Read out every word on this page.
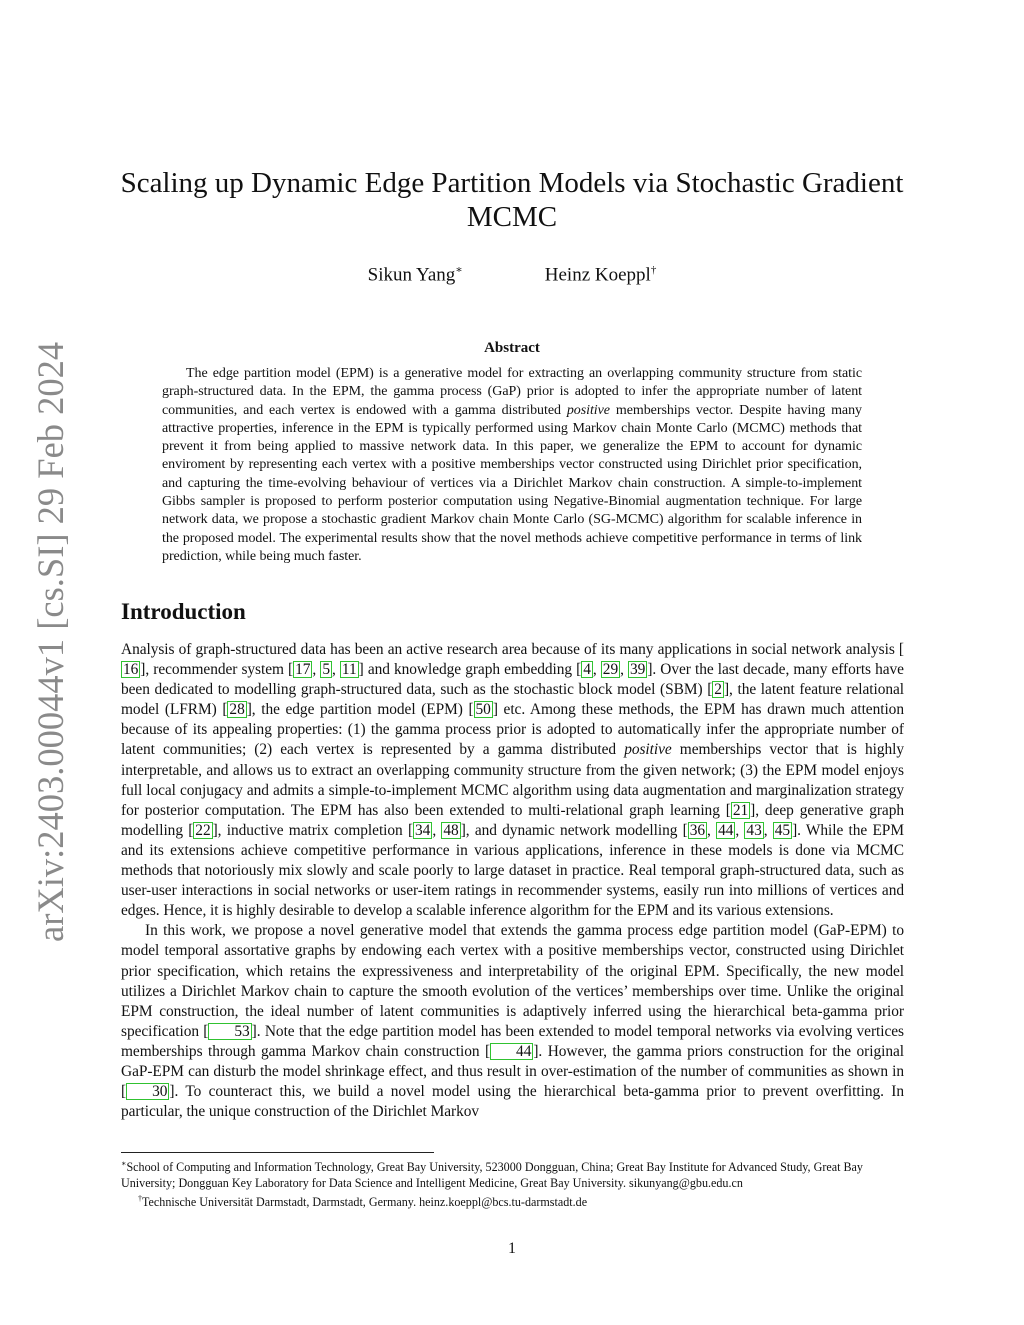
arXiv:2403.00044v1 [cs.SI] 29 Feb 2024
Scaling up Dynamic Edge Partition Models via Stochastic Gradient MCMC
Sikun Yang∗	Heinz Koeppl†
Abstract

The edge partition model (EPM) is a generative model for extracting an overlapping community structure from static graph-structured data. In the EPM, the gamma process (GaP) prior is adopted to infer the appropriate number of latent communities, and each vertex is endowed with a gamma distributed positive memberships vector. Despite having many attractive properties, inference in the EPM is typically performed using Markov chain Monte Carlo (MCMC) methods that prevent it from being applied to massive network data. In this paper, we generalize the EPM to account for dynamic enviroment by representing each vertex with a positive memberships vector constructed using Dirichlet prior specification, and capturing the time-evolving behaviour of vertices via a Dirichlet Markov chain construction. A simple-to-implement Gibbs sampler is proposed to perform posterior computation using Negative-Binomial augmentation technique. For large network data, we propose a stochastic gradient Markov chain Monte Carlo (SG-MCMC) algorithm for scalable inference in the proposed model. The experimental results show that the novel methods achieve competitive performance in terms of link prediction, while being much faster.

Introduction

Analysis of graph-structured data has been an active research area because of its many applications in social network analysis [16 ], recommender system [ 17 , 5 , 11 ] and knowledge graph embedding [ 4 , 29 , 39 ]. Over the last decade, many efforts have been dedicated to modelling graph-structured data, such as the stochastic block model (SBM) [ 2 ], the latent feature relational model (LFRM) [ 28 ], the edge partition model (EPM) [ 50 ] etc. Among these methods, the EPM has drawn much attention because of its appealing properties: (1) the gamma process prior is adopted to automatically infer the appropriate number of latent communities; (2) each vertex is represented by a gamma distributed positive memberships vector that is highly interpretable, and allows us to extract an overlapping community structure from the given network; (3) the EPM model enjoys full local conjugacy and admits a simple-to-implement MCMC algorithm using data augmentation and marginalization strategy for posterior computation. The EPM has also been extended to multi-relational graph learning [ 21 ], deep generative graph modelling [ 22 ], inductive matrix completion [ 34 , 48 ], and dynamic network modelling [ 36 , 44 , 43 , 45 ]. While the EPM and its extensions achieve competitive performance in various applications, inference in these models is done via MCMC methods that notoriously mix slowly and scale poorly to large dataset in practice. Real temporal graph-structured data, such as user-user interactions in social networks or user-item ratings in recommender systems, easily run into millions of vertices and edges. Hence, it is highly desirable to develop a scalable inference algorithm for the EPM and its various extensions.

In this work, we propose a novel generative model that extends the gamma process edge partition model (GaP-EPM) to model temporal assortative graphs by endowing each vertex with a positive memberships vector, constructed using Dirichlet prior specification, which retains the expressiveness and interpretability of the original EPM. Specifically, the new model utilizes a Dirichlet Markov chain to capture the smooth evolution of the vertices’ memberships over time. Unlike the original EPM construction, the ideal number of latent communities is adaptively inferred using the hierarchical beta-gamma prior specification [ 53 ]. Note that the edge partition model has been extended to model temporal networks via evolving vertices memberships through gamma Markov chain construction [ 44 ]. However, the gamma priors construction for the original GaP-EPM can disturb the model shrinkage effect, and thus result in over-estimation of the number of communities as shown in [ 30 ]. To counteract this, we build a novel model using the hierarchical beta-gamma prior to prevent overfitting. In particular, the unique construction of the Dirichlet Markov

∗School of Computing and Information Technology, Great Bay University, 523000 Dongguan, China; Great Bay Institute for Advanced Study, Great Bay University; Dongguan Key Laboratory for Data Science and Intelligent Medicine, Great Bay University. sikunyang@gbu.edu.cn

†Technische Universität Darmstadt, Darmstadt, Germany. heinz.koeppl@bcs.tu-darmstadt.de

1
